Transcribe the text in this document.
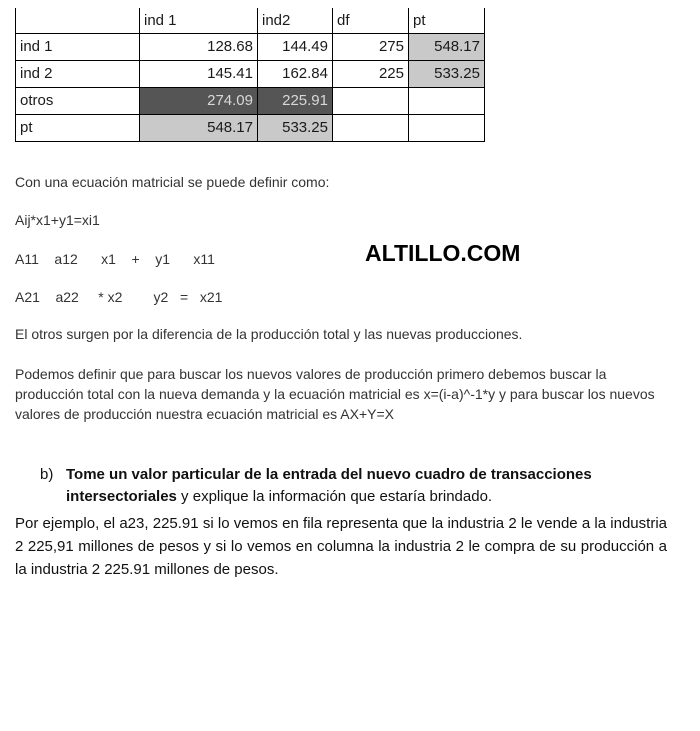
	ind 1	ind2	df	pt
ind 1	128.68	144.49	275	548.17
ind 2	145.41	162.84	225	533.25
otros	274.09	225.91		
pt	548.17	533.25		
Con una ecuación matricial se puede definir como:
Aij*x1+y1=xi1
A11    a12      x1    +    y1      x11	ALTILLO.COM
A21    a22     * x2        y2   =   x21
El otros surgen por la diferencia de la producción total y las nuevas producciones.
Podemos definir que para buscar los nuevos valores de producción primero debemos buscar la producción total con la nueva demanda y la ecuación matricial es x=(i-a)^-1*y y para buscar los nuevos valores de producción nuestra ecuación matricial es AX+Y=X
b) Tome un valor particular de la entrada del nuevo cuadro de transacciones intersectoriales y explique la información que estaría brindado.
Por ejemplo, el a23, 225.91 si lo vemos en fila representa que la industria 2 le vende a la industria 2 225,91 millones de pesos y si lo vemos en columna la industria 2 le compra de su producción a la industria 2 225.91 millones de pesos.
